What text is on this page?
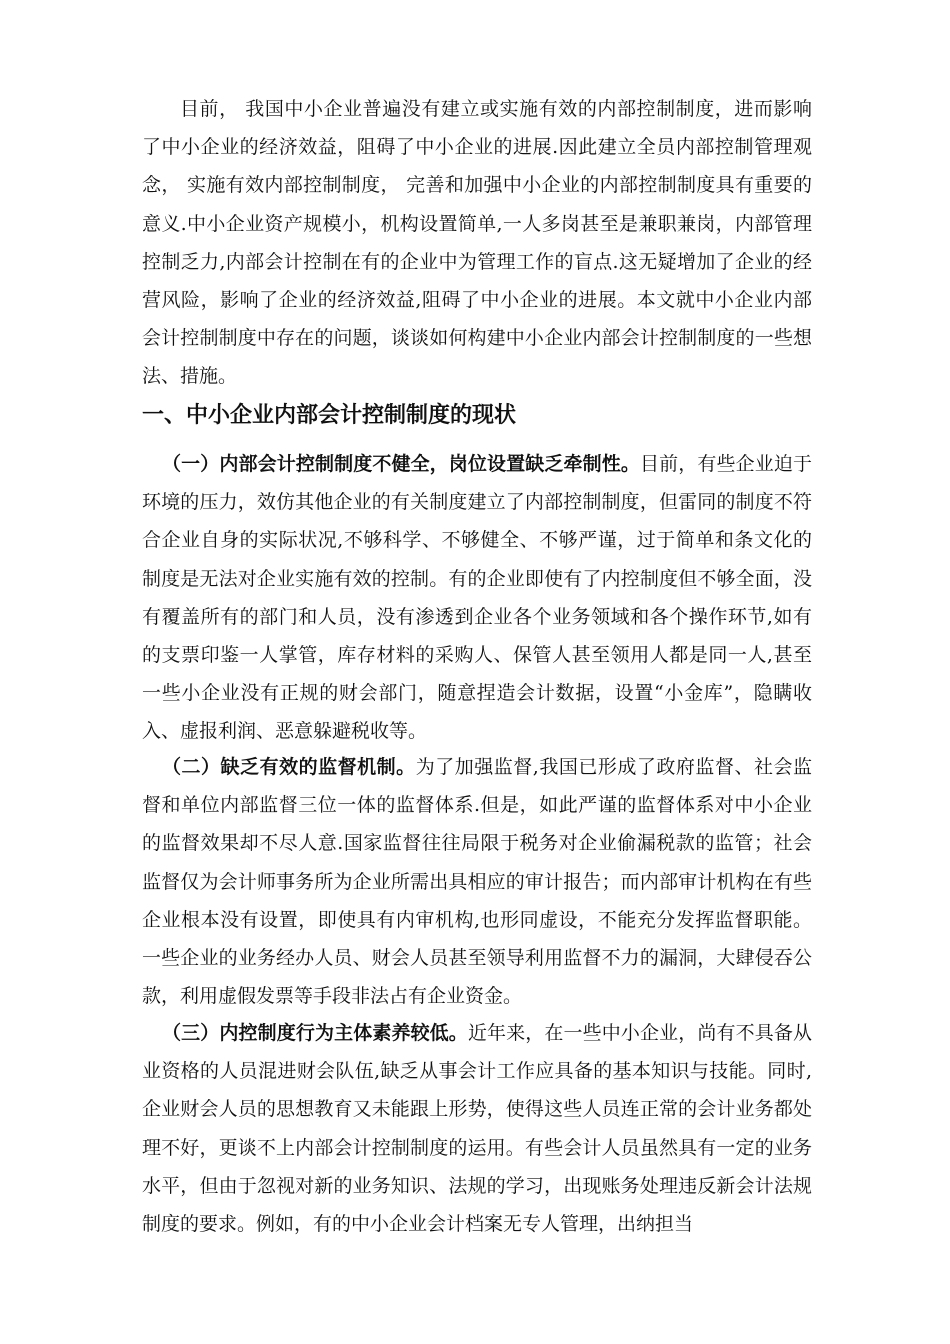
目前， 我国中小企业普遍没有建立或实施有效的内部控制制度，进而影响了中小企业的经济效益，阻碍了中小企业的进展.因此建立全员内部控制管理观念， 实施有效内部控制制度， 完善和加强中小企业的内部控制制度具有重要的意义.中小企业资产规模小，机构设置简单,一人多岗甚至是兼职兼岗，内部管理控制乏力,内部会计控制在有的企业中为管理工作的盲点.这无疑增加了企业的经营风险，影响了企业的经济效益,阻碍了中小企业的进展。本文就中小企业内部会计控制制度中存在的问题，谈谈如何构建中小企业内部会计控制制度的一些想法、措施。

一、中小企业内部会计控制制度的现状

（一）内部会计控制制度不健全，岗位设置缺乏牵制性。目前，有些企业迫于环境的压力，效仿其他企业的有关制度建立了内部控制制度，但雷同的制度不符合企业自身的实际状况,不够科学、不够健全、不够严谨，过于简单和条文化的制度是无法对企业实施有效的控制。有的企业即使有了内控制度但不够全面，没有覆盖所有的部门和人员，没有渗透到企业各个业务领域和各个操作环节,如有的支票印鉴一人掌管，库存材料的采购人、保管人甚至领用人都是同一人,甚至一些小企业没有正规的财会部门，随意捏造会计数据，设置“小金库”，隐瞒收入、虚报利润、恶意躲避税收等。

（二）缺乏有效的监督机制。为了加强监督,我国已形成了政府监督、社会监督和单位内部监督三位一体的监督体系.但是，如此严谨的监督体系对中小企业的监督效果却不尽人意.国家监督往往局限于税务对企业偷漏税款的监管；社会监督仅为会计师事务所为企业所需出具相应的审计报告；而内部审计机构在有些企业根本没有设置，即使具有内审机构,也形同虚设，不能充分发挥监督职能。一些企业的业务经办人员、财会人员甚至领导利用监督不力的漏洞，大肆侵吞公款，利用虚假发票等手段非法占有企业资金。

（三）内控制度行为主体素养较低。近年来，在一些中小企业，尚有不具备从业资格的人员混进财会队伍,缺乏从事会计工作应具备的基本知识与技能。同时,企业财会人员的思想教育又未能跟上形势，使得这些人员连正常的会计业务都处理不好，更谈不上内部会计控制制度的运用。有些会计人员虽然具有一定的业务水平，但由于忽视对新的业务知识、法规的学习，出现账务处理违反新会计法规制度的要求。例如，有的中小企业会计档案无专人管理，出纳担当
